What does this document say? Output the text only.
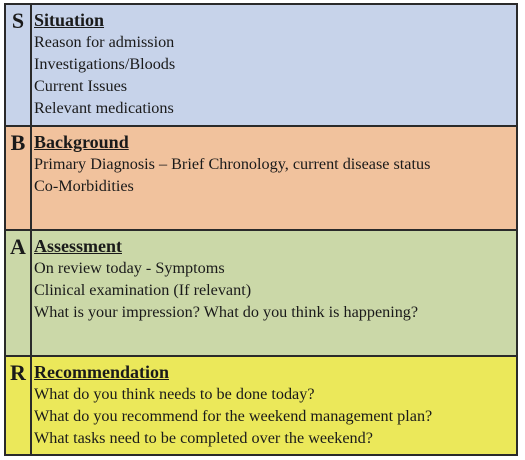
S Situation
Reason for admission
Investigations/Bloods
Current Issues
Relevant medications
B Background
Primary Diagnosis – Brief Chronology, current disease status
Co-Morbidities
A Assessment
On review today - Symptoms
Clinical examination (If relevant)
What is your impression? What do you think is happening?
R Recommendation
What do you think needs to be done today?
What do you recommend for the weekend management plan?
What tasks need to be completed over the weekend?
